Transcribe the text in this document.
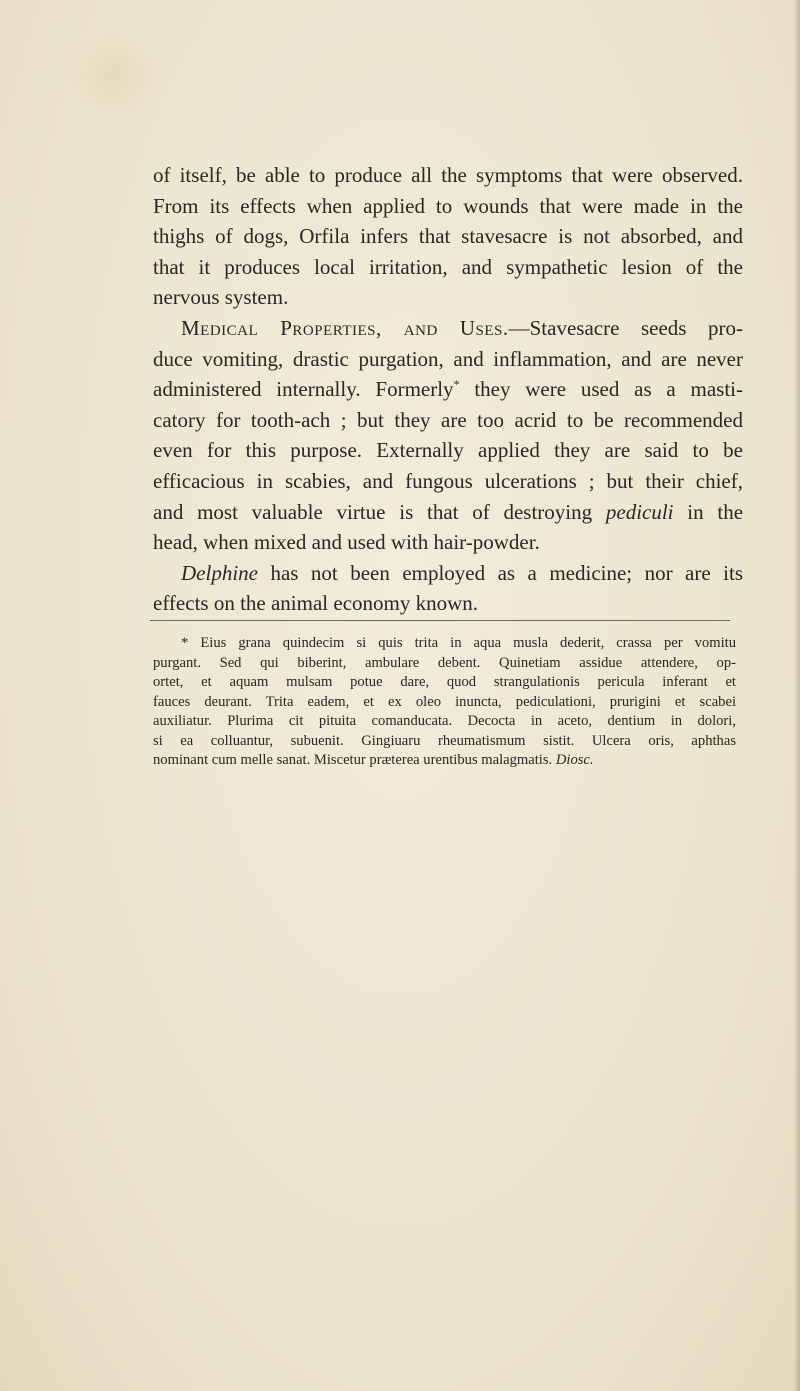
of itself, be able to produce all the symptoms that were observed.
From its effects when applied to wounds that were made in the
thighs of dogs, Orfila infers that stavesacre is not absorbed, and
that it produces local irritation, and sympathetic lesion of the
nervous system.

Medical Properties, and Uses.—Stavesacre seeds pro-
duce vomiting, drastic purgation, and inflammation, and are never
administered internally. Formerly* they were used as a masti-
catory for tooth-ach ; but they are too acrid to be recommended
even for this purpose. Externally applied they are said to be
efficacious in scabies, and fungous ulcerations ; but their chief,
and most valuable virtue is that of destroying pediculi in the
head, when mixed and used with hair-powder.

Delphine has not been employed as a medicine; nor are its
effects on the animal economy known.

* Eius grana quindecim si quis trita in aqua musla dederit, crassa per vomitu
purgant. Sed qui biberint, ambulare debent. Quinetiam assidue attendere, op-
ortet, et aquam mulsam potue dare, quod strangulationis pericula inferant et
fauces deurant. Trita eadem, et ex oleo inuncta, pediculationi, prurigini et scabei
auxiliatur. Plurima cit pituita comanducata. Decocta in aceto, dentium in dolori,
si ea colluantur, subuenit. Gingiuaru rheumatismum sistit. Ulcera oris, aphthas
nominant cum melle sanat. Miscetur præterea urentibus malagmatis. Diosc.
